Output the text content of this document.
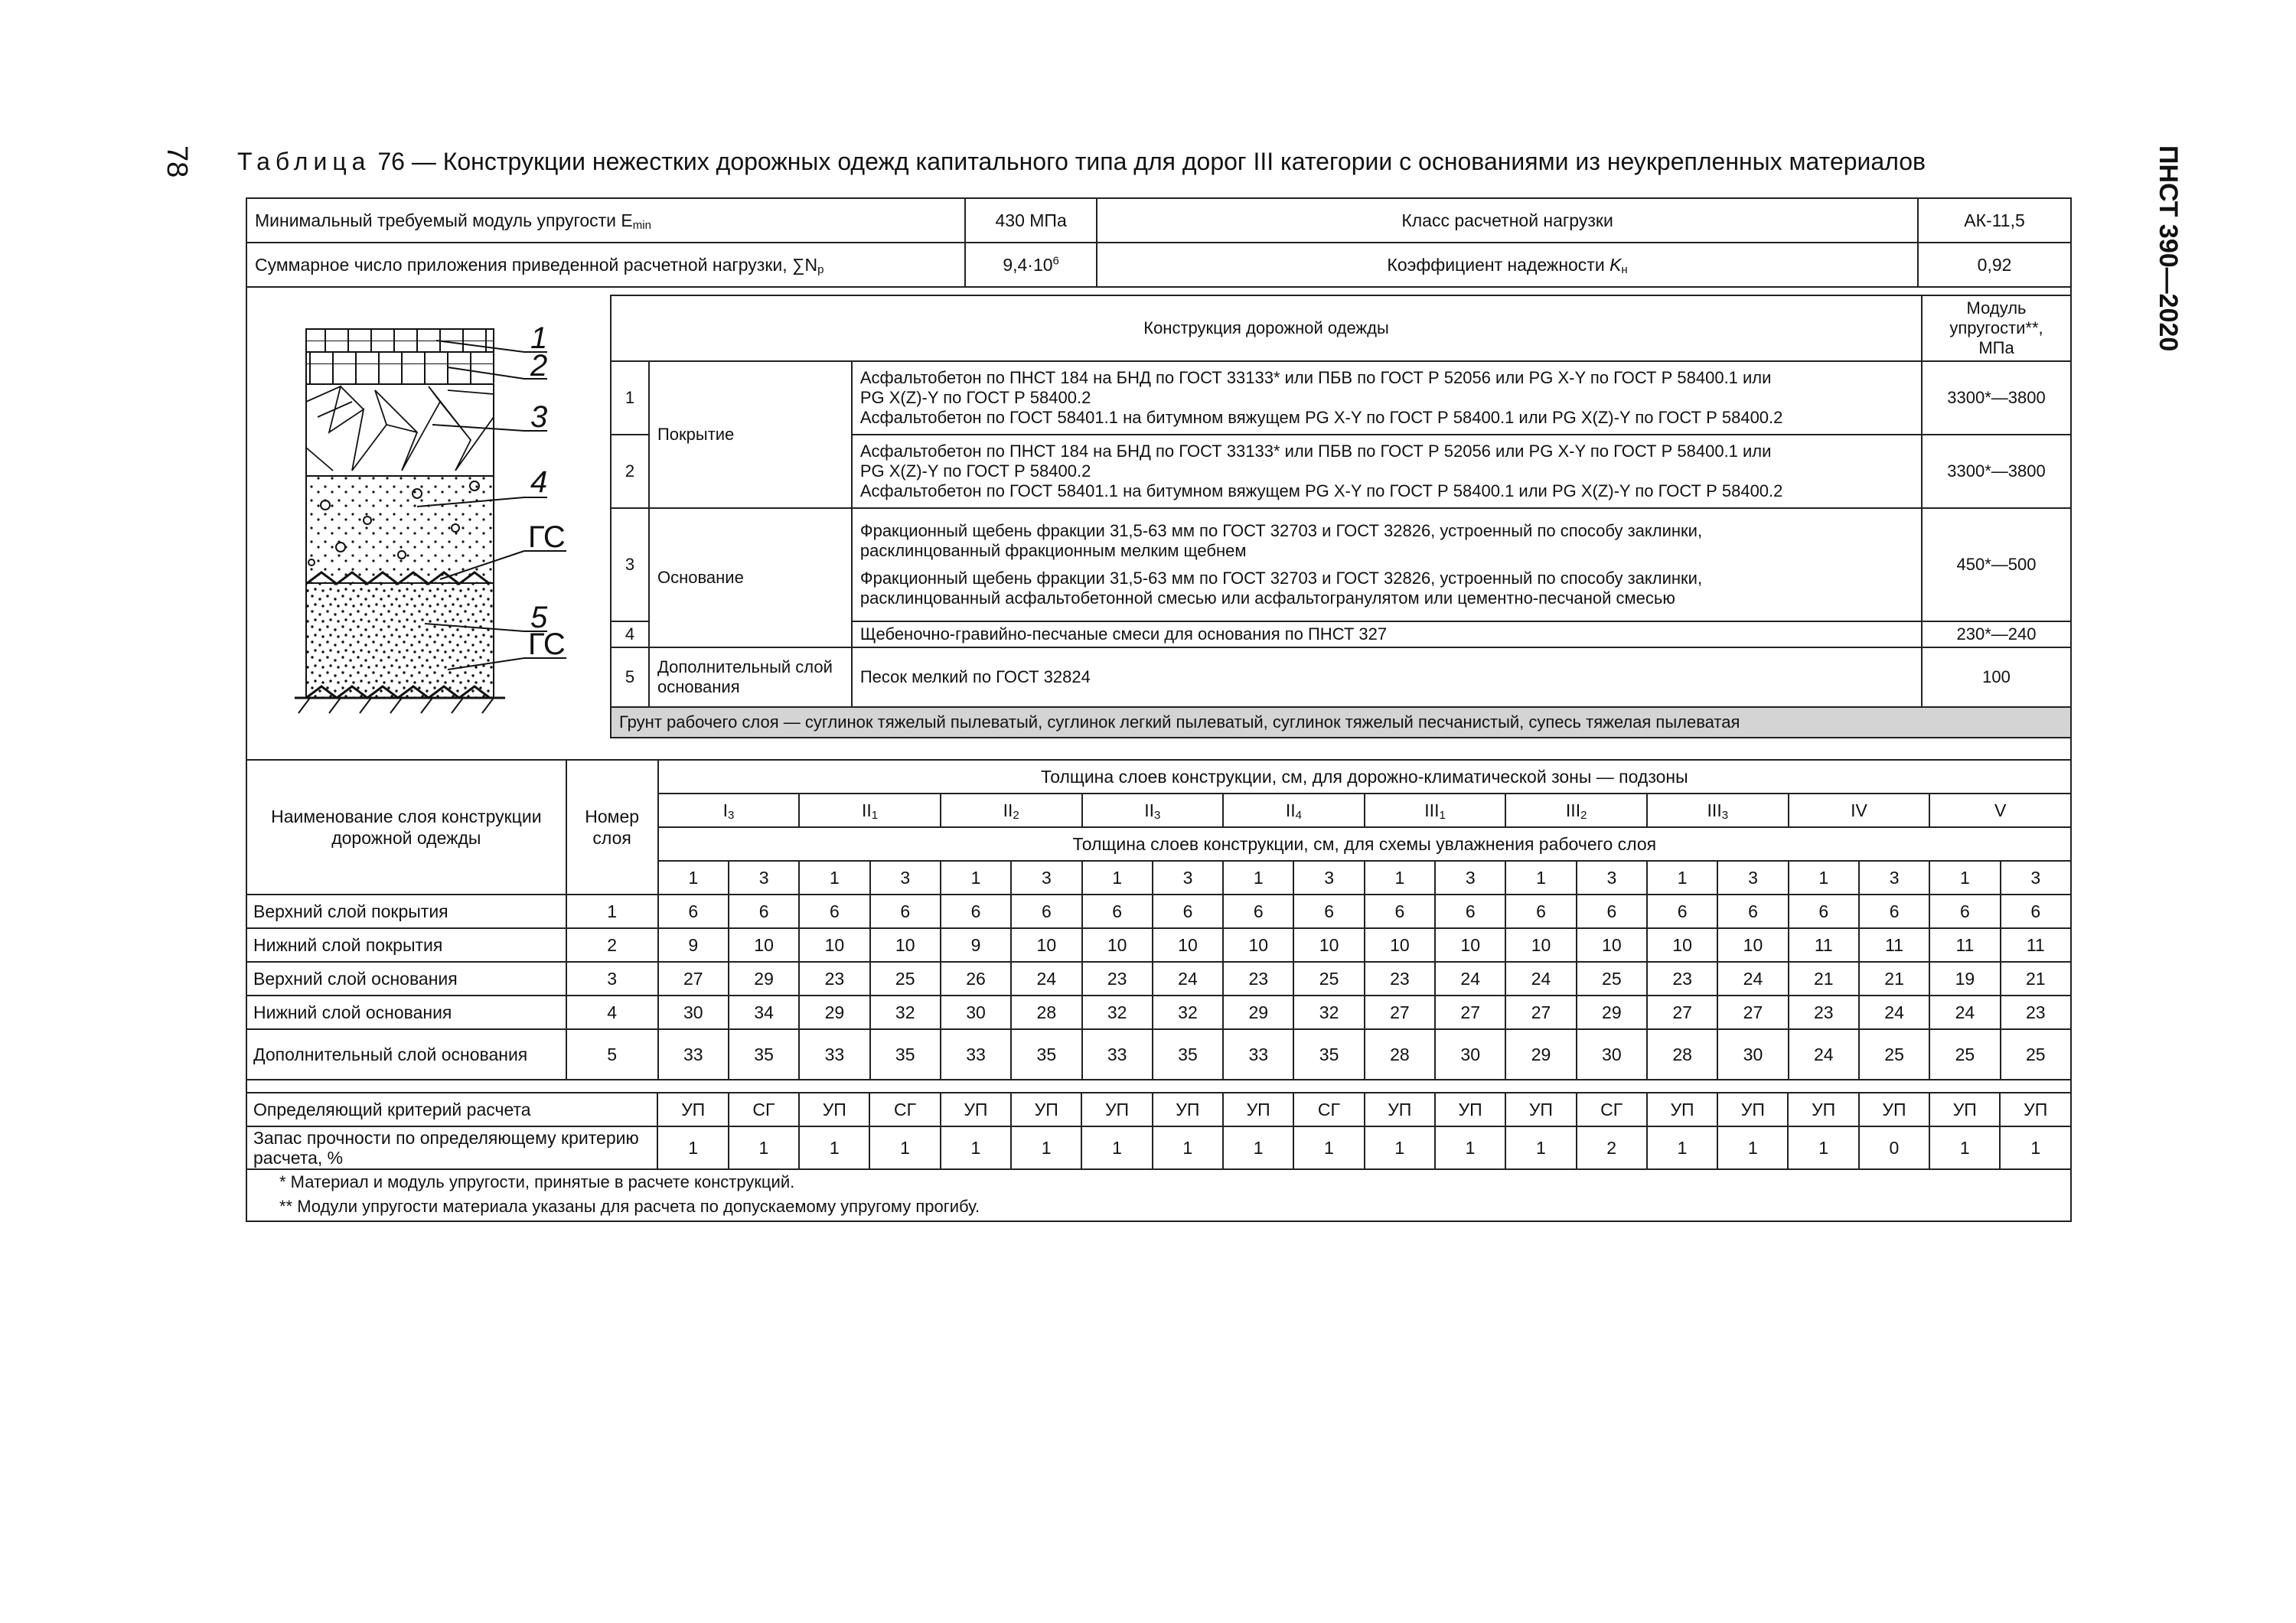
78	ПНСТ 390—2020
Таблица 76 — Конструкции нежестких дорожных одежд капитального типа для дорог III категории с основаниями из неукрепленных материалов
Минимальный требуемый модуль упругости $E_{min}$	430 МПа	Класс расчетной нагрузки	АК-11,5
Суммарное число приложения приведенной расчетной нагрузки, $\sum N_р$	$9,4\cdot 10^6$	Коэффициент надежности $K_н$	0,92
1
2
3
4
ГС
5
ГС
Конструкция дорожной одежды			Модуль упругости**, МПа
1	Покрытие	Асфальтобетон по ПНСТ 184 на БНД по ГОСТ 33133* или ПБВ по ГОСТ Р 52056 или PG X-Y по ГОСТ Р 58400.1 или
PG X(Z)-Y по ГОСТ Р 58400.2
Асфальтобетон по ГОСТ 58401.1 на битумном вяжущем PG X-Y по ГОСТ Р 58400.1 или PG X(Z)-Y по ГОСТ Р 58400.2	3300*—3800
2		Асфальтобетон по ПНСТ 184 на БНД по ГОСТ 33133* или ПБВ по ГОСТ Р 52056 или PG X-Y по ГОСТ Р 58400.1 или
PG X(Z)-Y по ГОСТ Р 58400.2
Асфальтобетон по ГОСТ 58401.1 на битумном вяжущем PG X-Y по ГОСТ Р 58400.1 или PG X(Z)-Y по ГОСТ Р 58400.2	3300*—3800
3	Основание	Фракционный щебень фракции 31,5-63 мм по ГОСТ 32703 и ГОСТ 32826, устроенный по способу заклинки,
расклинцованный фракционным мелким щебнем
Фракционный щебень фракции 31,5-63 мм по ГОСТ 32703 и ГОСТ 32826, устроенный по способу заклинки,
расклинцованный асфальтобетонной смесью или асфальтогранулятом или цементно-песчаной смесью	450*—500
4		Щебеночно-гравийно-песчаные смеси для основания по ПНСТ 327	230*—240
5	Дополнительный слой основания	Песок мелкий по ГОСТ 32824	100
Грунт рабочего слоя — суглинок тяжелый пылеватый, суглинок легкий пылеватый, суглинок тяжелый песчанистый, супесь тяжелая пылеватая			
Наименование слоя конструкции дорожной одежды	Номер слоя	Толщина слоев конструкции, см, для дорожно-климатической зоны — подзоны																			
		$I_3$		$II_1$		$II_2$		$II_3$		$II_4$		$III_1$		$III_2$		$III_3$		IV		V	
		Толщина слоев конструкции, см, для схемы увлажнения рабочего слоя																			
		1	3	1	3	1	3	1	3	1	3	1	3	1	3	1	3	1	3	1	3
Верхний слой покрытия	1	6	6	6	6	6	6	6	6	6	6	6	6	6	6	6	6	6	6	6	6
Нижний слой покрытия	2	9	10	10	10	9	10	10	10	10	10	10	10	10	10	10	10	11	11	11	11
Верхний слой основания	3	27	29	23	25	26	24	23	24	23	25	23	24	24	25	23	24	21	21	19	21
Нижний слой основания	4	30	34	29	32	30	28	32	32	29	32	27	27	27	29	27	27	23	24	24	23
Дополнительный слой основания	5	33	35	33	35	33	35	33	35	33	35	28	30	29	30	28	30	24	25	25	25
Определяющий критерий расчета	УП	СГ	УП	СГ	УП	УП	УП	УП	УП	СГ	УП	УП	УП	СГ	УП	УП	УП	УП	УП	УП
Запас прочности по определяющему критерию расчета, %	1	1	1	1	1	1	1	1	1	1	1	1	1	2	1	1	1	0	1	1
* Материал и модуль упругости, принятые в расчете конструкций.
** Модули упругости материала указаны для расчета по допускаемому упругому прогибу.
